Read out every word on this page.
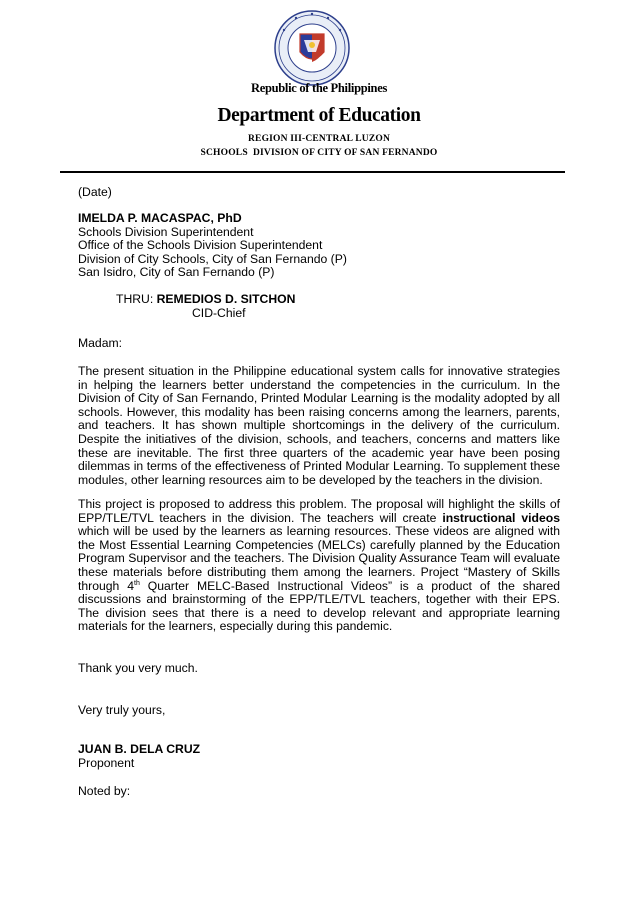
Republic of the Philippines
Department of Education
REGION III-CENTRAL LUZON
SCHOOLS  DIVISION OF CITY OF SAN FERNANDO
(Date)
IMELDA P. MACASPAC, PhD
Schools Division Superintendent
Office of the Schools Division Superintendent
Division of City Schools, City of San Fernando (P)
San Isidro, City of San Fernando (P)
THRU: REMEDIOS D. SITCHON
CID-Chief
Madam:
The present situation in the Philippine educational system calls for innovative strategies in helping the learners better understand the competencies in the curriculum. In the Division of City of San Fernando, Printed Modular Learning is the modality adopted by all schools. However, this modality has been raising concerns among the learners, parents, and teachers. It has shown multiple shortcomings in the delivery of the curriculum. Despite the initiatives of the division, schools, and teachers, concerns and matters like these are inevitable. The first three quarters of the academic year have been posing dilemmas in terms of the effectiveness of Printed Modular Learning. To supplement these modules, other learning resources aim to be developed by the teachers in the division.
This project is proposed to address this problem. The proposal will highlight the skills of EPP/TLE/TVL teachers in the division. The teachers will create instructional videos which will be used by the learners as learning resources. These videos are aligned with the Most Essential Learning Competencies (MELCs) carefully planned by the Education Program Supervisor and the teachers. The Division Quality Assurance Team will evaluate these materials before distributing them among the learners. Project “Mastery of Skills through 4th Quarter MELC-Based Instructional Videos” is a product of the shared discussions and brainstorming of the EPP/TLE/TVL teachers, together with their EPS. The division sees that there is a need to develop relevant and appropriate learning materials for the learners, especially during this pandemic.
Thank you very much.
Very truly yours,
JUAN B. DELA CRUZ
Proponent
Noted by:
